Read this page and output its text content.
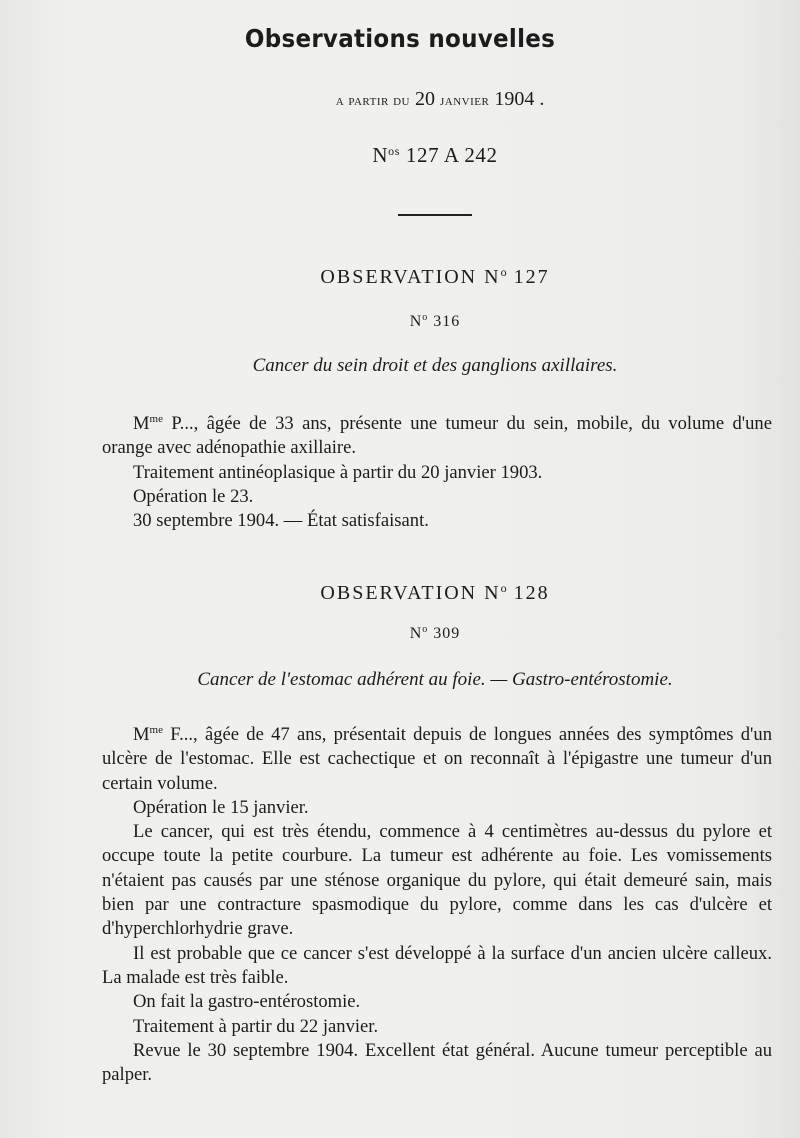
Observations nouvelles
a partir du 20 janvier 1904 .
$N^{os}$ 127 A 242
OBSERVATION $N^o$ 127
$N^o$ 316
Cancer du sein droit et des ganglions axillaires.

$M^{me}$ P..., âgée de 33 ans, présente une tumeur du sein, mobile, du volume d'une orange avec adénopathie axillaire.

Traitement antinéoplasique à partir du 20 janvier 1903.

Opération le 23.

30 septembre 1904. — État satisfaisant.

OBSERVATION $N^o$ 128
$N^o$ 309
Cancer de l'estomac adhérent au foie. — Gastro-entérostomie.

$M^{me}$ F..., âgée de 47 ans, présentait depuis de longues années des symptômes d'un ulcère de l'estomac. Elle est cachectique et on reconnaît à l'épigastre une tumeur d'un certain volume.

Opération le 15 janvier.

Le cancer, qui est très étendu, commence à 4 centimètres au-dessus du pylore et occupe toute la petite courbure. La tumeur est adhérente au foie. Les vomissements n'étaient pas causés par une sténose organique du pylore, qui était demeuré sain, mais bien par une contracture spasmodique du pylore, comme dans les cas d'ulcère et d'hyperchlorhydrie grave.

Il est probable que ce cancer s'est développé à la surface d'un ancien ulcère calleux. La malade est très faible.

On fait la gastro-entérostomie.

Traitement à partir du 22 janvier.

Revue le 30 septembre 1904. Excellent état général. Aucune tumeur perceptible au palper.
